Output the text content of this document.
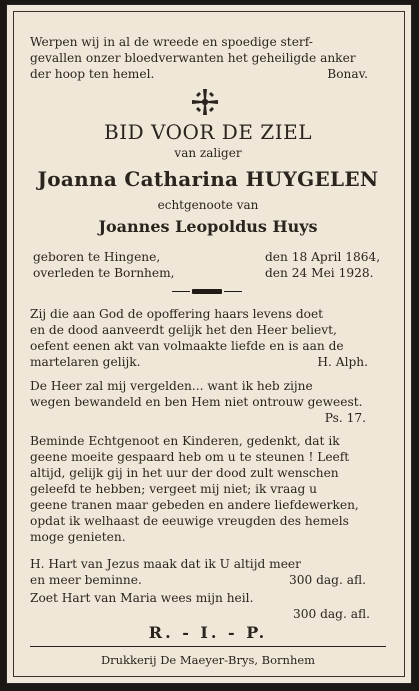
Werpen wij in al de wreede en spoedige sterf-
gevallen onzer bloedverwanten het geheiligde anker
der hoop ten hemel.	Bonav.
BID VOOR DE ZIEL
van zaliger
Joanna Catharina HUYGELEN
echtgenoote van
Joannes Leopoldus Huys
geboren te Hingene,	den 18 April 1864,
overleden te Bornhem,	den 24 Mei 1928.
Zij die aan God de opoffering haars levens doet
en de dood aanveerdt gelijk het den Heer believt,
oefent eenen akt van volmaakte liefde en is aan de
martelaren gelijk.	H. Alph.
De Heer zal mij vergelden... want ik heb zijne
wegen bewandeld en ben Hem niet ontrouw geweest.
Ps. 17.
Beminde Echtgenoot en Kinderen, gedenkt, dat ik
geene moeite gespaard heb om u te steunen ! Leeft
altijd, gelijk gij in het uur der dood zult wenschen
geleefd te hebben; vergeet mij niet; ik vraag u
geene tranen maar gebeden en andere liefdewerken,
opdat ik welhaast de eeuwige vreugden des hemels
moge genieten.
H. Hart van Jezus maak dat ik U altijd meer
en meer beminne.	300 dag. afl.
Zoet Hart van Maria wees mijn heil.
300 dag. afl.
R. - I. - P.
Drukkerij De Maeyer-Brys, Bornhem
